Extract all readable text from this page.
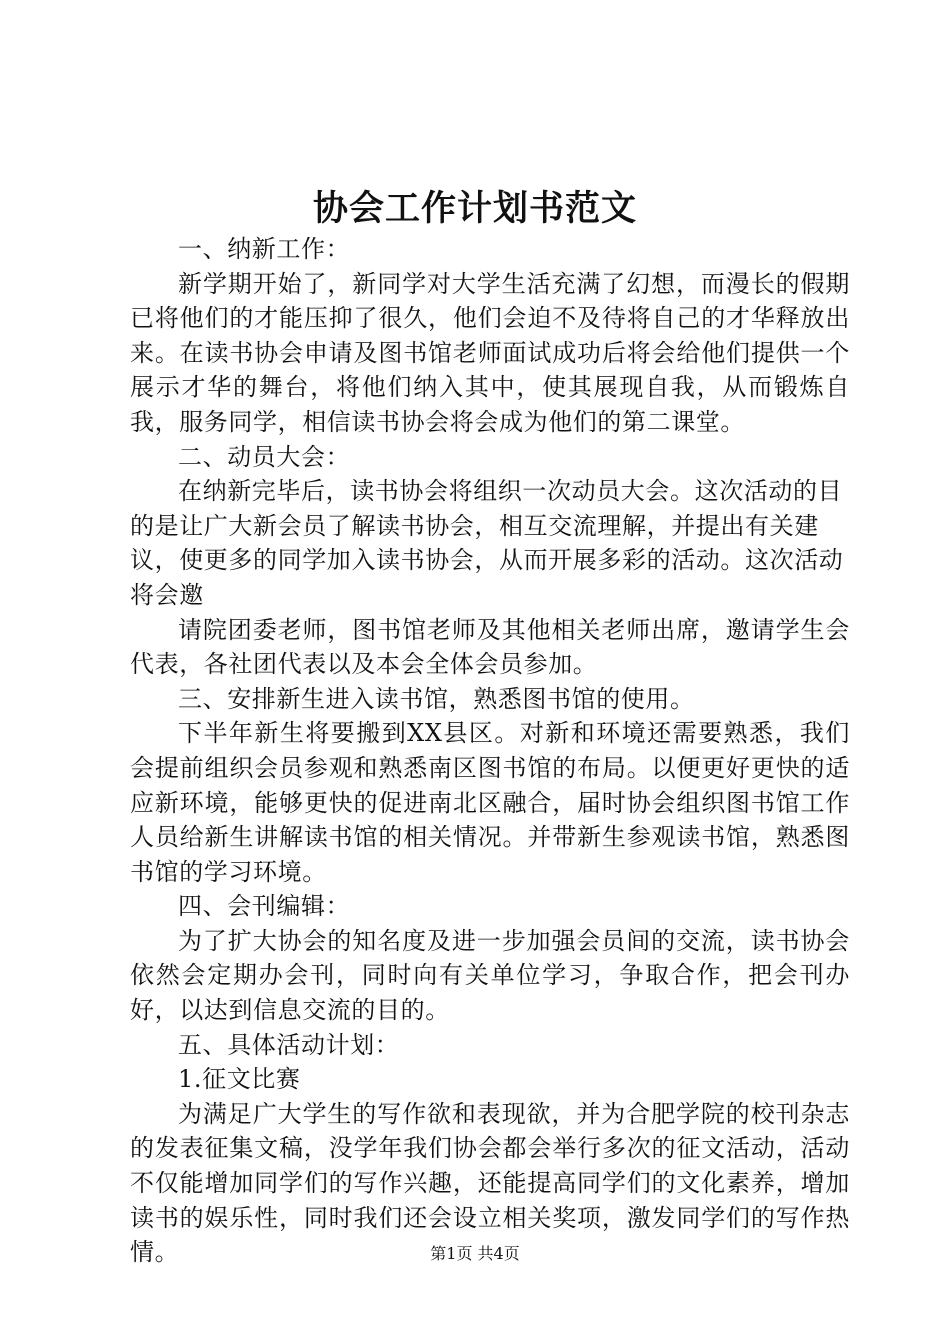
协会工作计划书范文

一、纳新工作：

新学期开始了，新同学对大学生活充满了幻想，而漫长的假期已将他们的才能压抑了很久，他们会迫不及待将自己的才华释放出来。在读书协会申请及图书馆老师面试成功后将会给他们提供一个展示才华的舞台，将他们纳入其中，使其展现自我，从而锻炼自我，服务同学，相信读书协会将会成为他们的第二课堂。

二、动员大会：

在纳新完毕后，读书协会将组织一次动员大会。这次活动的目的是让广大新会员了解读书协会，相互交流理解，并提出有关建议，使更多的同学加入读书协会，从而开展多彩的活动。这次活动将会邀

请院团委老师，图书馆老师及其他相关老师出席，邀请学生会代表，各社团代表以及本会全体会员参加。

三、安排新生进入读书馆，熟悉图书馆的使用。

下半年新生将要搬到XX县区。对新和环境还需要熟悉，我们会提前组织会员参观和熟悉南区图书馆的布局。以便更好更快的适应新环境，能够更快的促进南北区融合，届时协会组织图书馆工作人员给新生讲解读书馆的相关情况。并带新生参观读书馆，熟悉图书馆的学习环境。

四、会刊编辑：

为了扩大协会的知名度及进一步加强会员间的交流，读书协会依然会定期办会刊，同时向有关单位学习，争取合作，把会刊办好，以达到信息交流的目的。

五、具体活动计划：

1.征文比赛

为满足广大学生的写作欲和表现欲，并为合肥学院的校刊杂志的发表征集文稿，没学年我们协会都会举行多次的征文活动，活动不仅能增加同学们的写作兴趣，还能提高同学们的文化素养，增加读书的娱乐性，同时我们还会设立相关奖项，激发同学们的写作热情。	第1页 共4页
